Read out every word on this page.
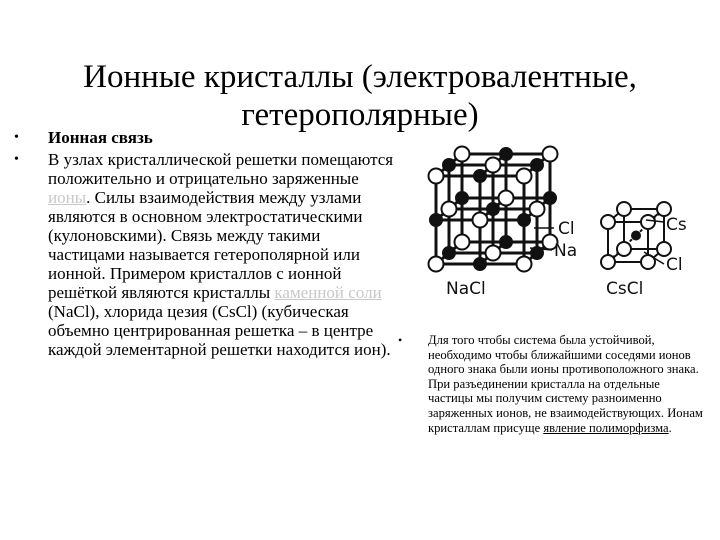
Ионные кристаллы (электровалентные, гетерополярные)
• Ионная связь
• В узлах кристаллической решетки помещаются положительно и отрицательно заряженные ионы. Силы взаимодействия между узлами являются в основном электростатическими (кулоновскими). Связь между такими частицами называется гетерополярной или ионной. Примером кристаллов с ионной решёткой являются кристаллы каменной соли (NaCl), хлорида цезия (CsCl) (кубическая объемно центрированная решетка – в центре каждой элементарной решетки находится ион).
Cl
Na
NaCl
Cs
Cl
CsCl
• Для того чтобы система была устойчивой, необходимо чтобы ближайшими соседями ионов одного знака были ионы противоположного знака. При разъединении кристалла на отдельные частицы мы получим систему разноименно заряженных ионов, не взаимодействующих. Ионам кристаллам присуще явление полиморфизма.
